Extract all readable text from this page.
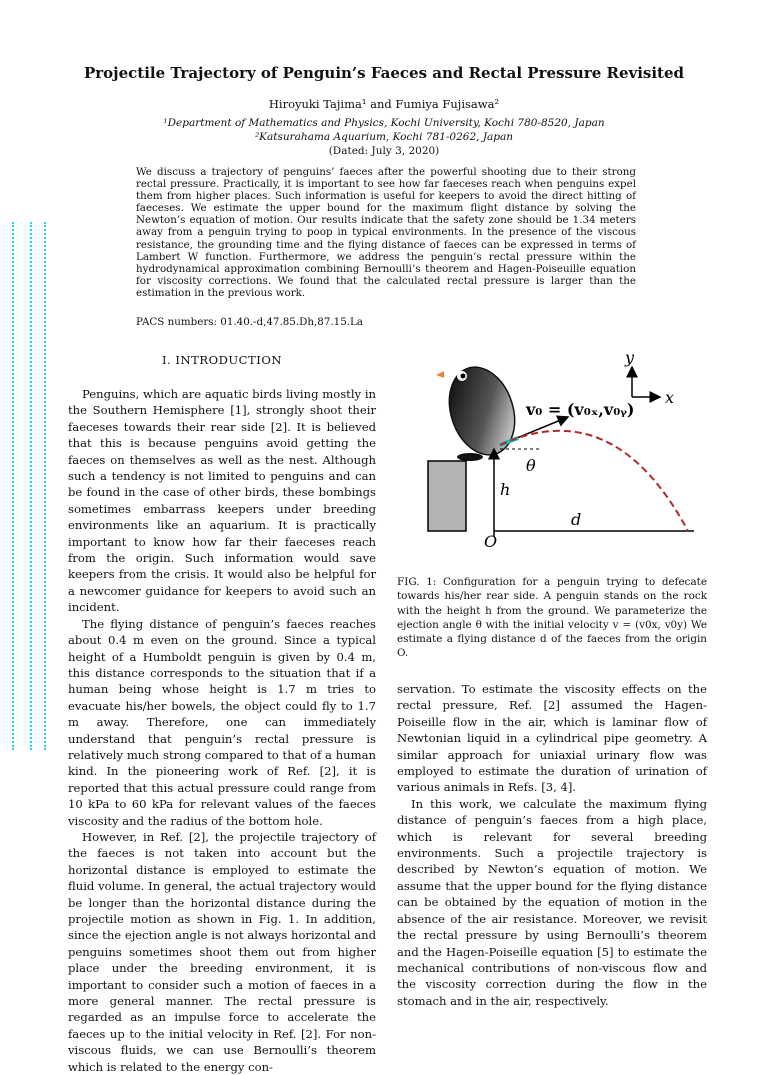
Projectile Trajectory of Penguin’s Faeces and Rectal Pressure Revisited
Hiroyuki Tajima¹ and Fumiya Fujisawa²
¹Department of Mathematics and Physics, Kochi University, Kochi 780-8520, Japan
²Katsurahama Aquarium, Kochi 781-0262, Japan
(Dated: July 3, 2020)
We discuss a trajectory of penguins’ faeces after the powerful shooting due to their strong rectal pressure. Practically, it is important to see how far faeceses reach when penguins expel them from higher places. Such information is useful for keepers to avoid the direct hitting of faeceses. We estimate the upper bound for the maximum flight distance by solving the Newton’s equation of motion. Our results indicate that the safety zone should be 1.34 meters away from a penguin trying to poop in typical environments. In the presence of the viscous resistance, the grounding time and the flying distance of faeces can be expressed in terms of Lambert W function. Furthermore, we address the penguin’s rectal pressure within the hydrodynamical approximation combining Bernoulli’s theorem and Hagen-Poiseuille equation for viscosity corrections. We found that the calculated rectal pressure is larger than the estimation in the previous work.
PACS numbers: 01.40.-d,47.85.Dh,87.15.La
I. INTRODUCTION

Penguins, which are aquatic birds living mostly in the Southern Hemisphere [1], strongly shoot their faeceses towards their rear side [2]. It is believed that this is because penguins avoid getting the faeces on themselves as well as the nest. Although such a tendency is not limited to penguins and can be found in the case of other birds, these bombings sometimes embarrass keepers under breeding environments like an aquarium. It is practically important to know how far their faeceses reach from the origin. Such information would save keepers from the crisis. It would also be helpful for a newcomer guidance for keepers to avoid such an incident.

The flying distance of penguin’s faeces reaches about 0.4 m even on the ground. Since a typical height of a Humboldt penguin is given by 0.4 m, this distance corresponds to the situation that if a human being whose height is 1.7 m tries to evacuate his/her bowels, the object could fly to 1.7 m away. Therefore, one can immediately understand that penguin’s rectal pressure is relatively much strong compared to that of a human kind. In the pioneering work of Ref. [2], it is reported that this actual pressure could range from 10 kPa to 60 kPa for relevant values of the faeces viscosity and the radius of the bottom hole.

However, in Ref. [2], the projectile trajectory of the faeces is not taken into account but the horizontal distance is employed to estimate the fluid volume. In general, the actual trajectory would be longer than the horizontal distance during the projectile motion as shown in Fig. 1. In addition, since the ejection angle is not always horizontal and penguins sometimes shoot them out from higher place under the breeding environment, it is important to consider such a motion of faeces in a more general manner. The rectal pressure is regarded as an impulse force to accelerate the faeces up to the initial velocity in Ref. [2]. For non-viscous fluids, we can use Bernoulli’s theorem which is related to the energy con-

y
x
v₀ = (v₀ₓ,v₀ᵧ)
θ
h
d
O
FIG. 1: Configuration for a penguin trying to defecate towards his/her rear side. A penguin stands on the rock with the height h from the ground. We parameterize the ejection angle θ with the initial velocity v = (v0x, v0y) We estimate a flying distance d of the faeces from the origin O.

servation. To estimate the viscosity effects on the rectal pressure, Ref. [2] assumed the Hagen-Poiseille flow in the air, which is laminar flow of Newtonian liquid in a cylindrical pipe geometry. A similar approach for uniaxial urinary flow was employed to estimate the duration of urination of various animals in Refs. [3, 4].

In this work, we calculate the maximum flying distance of penguin’s faeces from a high place, which is relevant for several breeding environments. Such a projectile trajectory is described by Newton’s equation of motion. We assume that the upper bound for the flying distance can be obtained by the equation of motion in the absence of the air resistance. Moreover, we revisit the rectal pressure by using Bernoulli’s theorem and the Hagen-Poiseille equation [5] to estimate the mechanical contributions of non-viscous flow and the viscosity correction during the flow in the stomach and in the air, respectively.
